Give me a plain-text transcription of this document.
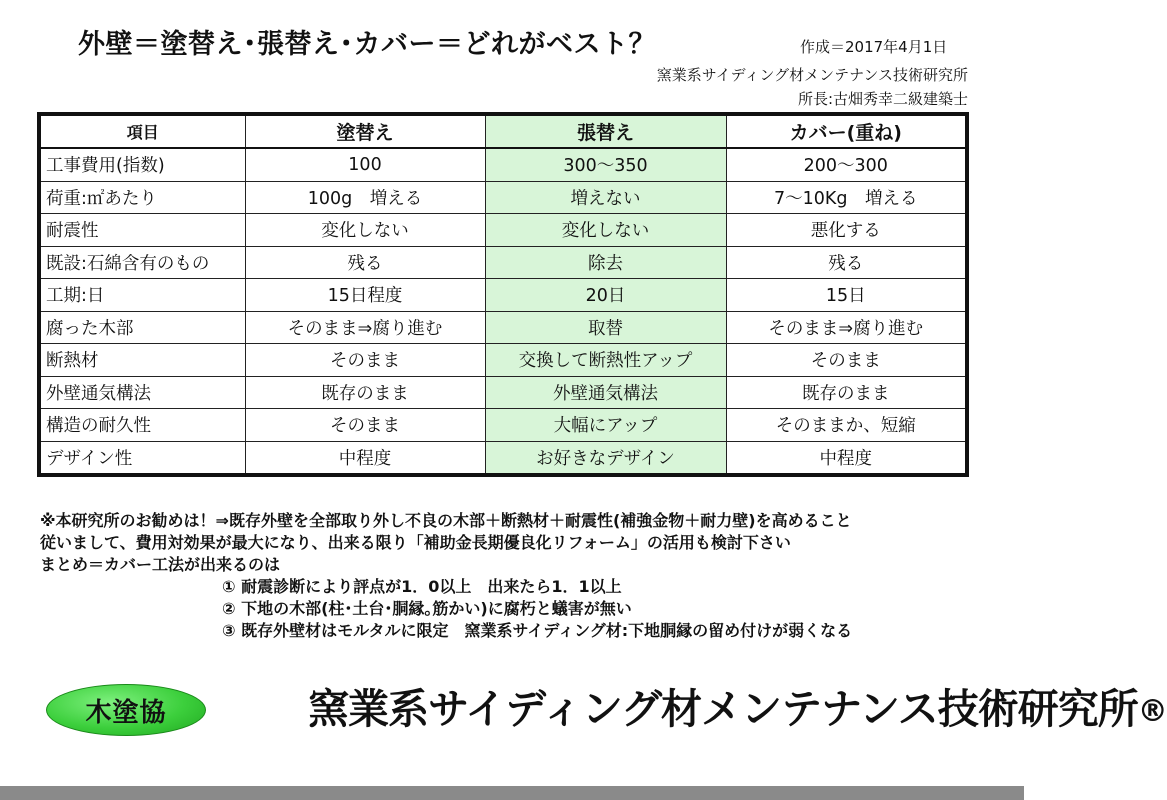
外壁＝塗替え･張替え･カバー＝どれがベスト？	作成＝2017年4月1日
窯業系サイディング材メンテナンス技術研究所
所長:古畑秀幸二級建築士
項目	塗替え	張替え	カバー(重ね)
工事費用(指数)	100	300～350	200～300
荷重:㎡あたり	100g　増える	増えない	7～10Kg　増える
耐震性	変化しない	変化しない	悪化する
既設:石綿含有のもの	残る	除去	残る
工期:日	15日程度	20日	15日
腐った木部	そのまま⇒腐り進む	取替	そのまま⇒腐り進む
断熱材	そのまま	交換して断熱性アップ	そのまま
外壁通気構法	既存のまま	外壁通気構法	既存のまま
構造の耐久性	そのまま	大幅にアップ	そのままか、短縮
デザイン性	中程度	お好きなデザイン	中程度
※本研究所のお勧めは！⇒既存外壁を全部取り外し不良の木部＋断熱材＋耐震性(補強金物＋耐力壁)を高めること
従いまして、費用対効果が最大になり、出来る限り「補助金長期優良化リフォーム」の活用も検討下さい
まとめ＝カバー工法が出来るのは
① 耐震診断により評点が1．0以上　出来たら1．1以上
② 下地の木部(柱･土台･胴縁｡筋かい)に腐朽と蟻害が無い
③ 既存外壁材はモルタルに限定　窯業系サイディング材:下地胴縁の留め付けが弱くなる
木塗協	窯業系サイディング材メンテナンス技術研究所®
